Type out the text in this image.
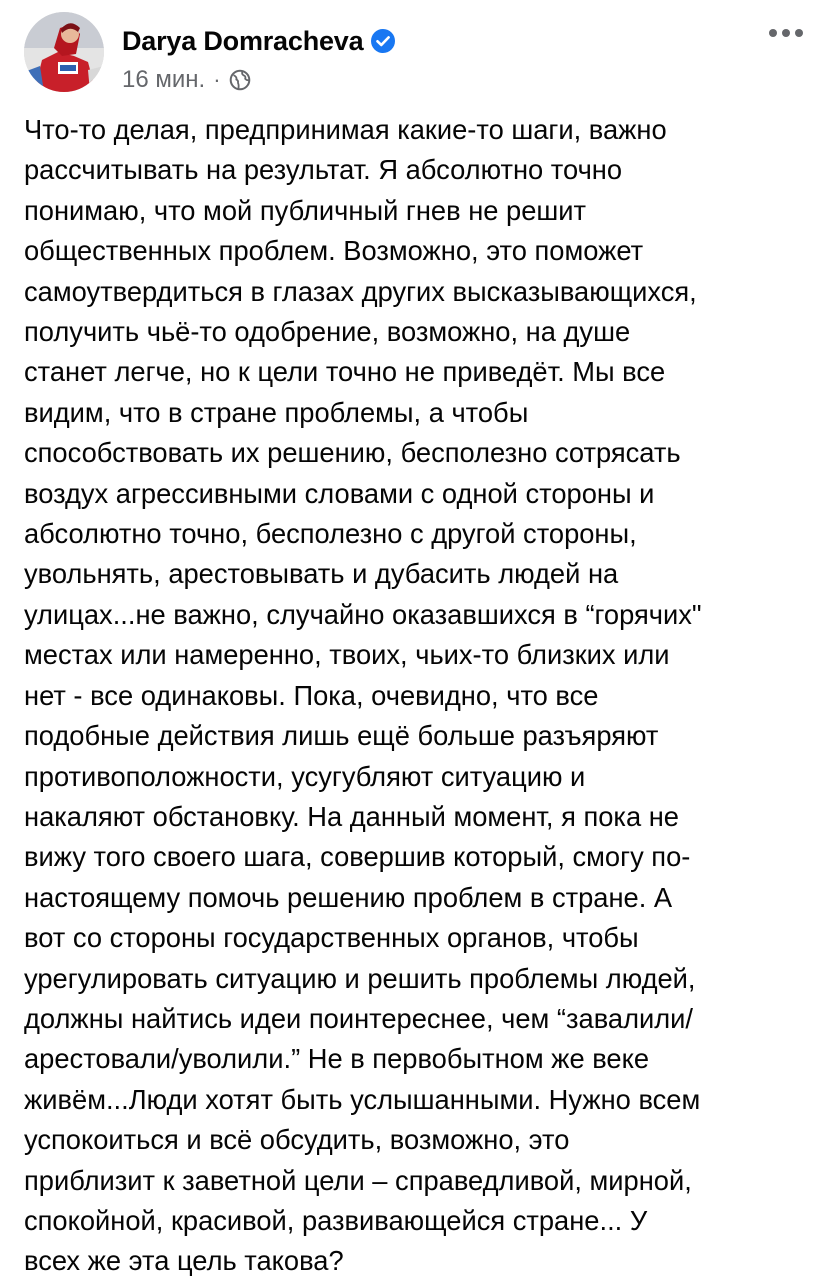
Darya Domracheva
16 мин. ·

Что-то делая, предпринимая какие-то шаги, важно
рассчитывать на результат. Я абсолютно точно
понимаю, что мой публичный гнев не решит
общественных проблем. Возможно, это поможет
самоутвердиться в глазах других высказывающихся,
получить чьё-то одобрение, возможно, на душе
станет легче, но к цели точно не приведёт. Мы все
видим, что в стране проблемы, а чтобы
способствовать их решению, бесполезно сотрясать
воздух агрессивными словами с одной стороны и
абсолютно точно, бесполезно с другой стороны,
увольнять, арестовывать и дубасить людей на
улицах...не важно, случайно оказавшихся в “горячих"
местах или намеренно, твоих, чьих-то близких или
нет - все одинаковы. Пока, очевидно, что все
подобные действия лишь ещё больше разъяряют
противоположности, усугубляют ситуацию и
накаляют обстановку. На данный момент, я пока не
вижу того своего шага, совершив который, смогу по-
настоящему помочь решению проблем в стране. А
вот со стороны государственных органов, чтобы
урегулировать ситуацию и решить проблемы людей,
должны найтись идеи поинтереснее, чем “завалили/
арестовали/уволили.” Не в первобытном же веке
живём...Люди хотят быть услышанными. Нужно всем
успокоиться и всё обсудить, возможно, это
приблизит к заветной цели – справедливой, мирной,
спокойной, красивой, развивающейся стране... У
всех же эта цель такова?
